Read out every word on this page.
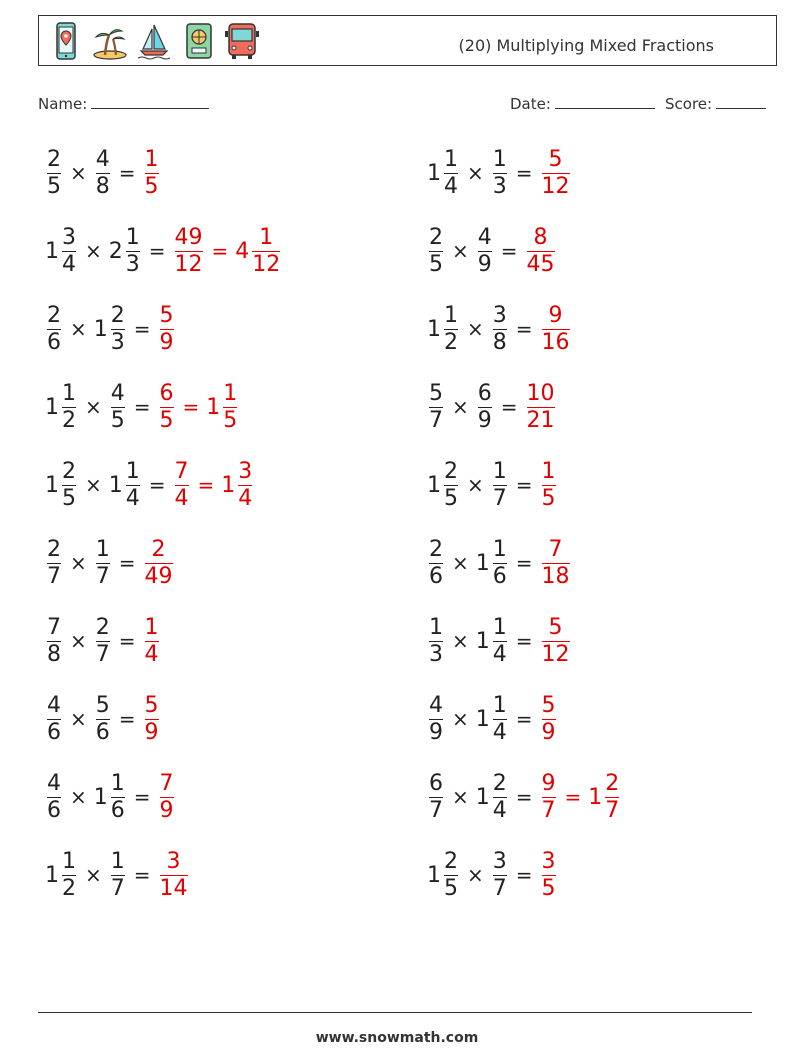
(20) Multiplying Mixed Fractions
Name:	Date:	Score:
$\frac{2}{5} \times \frac{4}{8} = \frac{1}{5}$	$1 \frac{1}{4} \times \frac{1}{3} = \frac{5}{12}$
$1 \frac{3}{4} \times 2 \frac{1}{3} = \frac{49}{12} = 4 \frac{1}{12}$	$\frac{2}{5} \times \frac{4}{9} = \frac{8}{45}$
$\frac{2}{6} \times 1 \frac{2}{3} = \frac{5}{9}$	$1 \frac{1}{2} \times \frac{3}{8} = \frac{9}{16}$
$1 \frac{1}{2} \times \frac{4}{5} = \frac{6}{5} = 1 \frac{1}{5}$	$\frac{5}{7} \times \frac{6}{9} = \frac{10}{21}$
$1 \frac{2}{5} \times 1 \frac{1}{4} = \frac{7}{4} = 1 \frac{3}{4}$	$1 \frac{2}{5} \times \frac{1}{7} = \frac{1}{5}$
$\frac{2}{7} \times \frac{1}{7} = \frac{2}{49}$	$\frac{2}{6} \times 1 \frac{1}{6} = \frac{7}{18}$
$\frac{7}{8} \times \frac{2}{7} = \frac{1}{4}$	$\frac{1}{3} \times 1 \frac{1}{4} = \frac{5}{12}$
$\frac{4}{6} \times \frac{5}{6} = \frac{5}{9}$	$\frac{4}{9} \times 1 \frac{1}{4} = \frac{5}{9}$
$\frac{4}{6} \times 1 \frac{1}{6} = \frac{7}{9}$	$\frac{6}{7} \times 1 \frac{2}{4} = \frac{9}{7} = 1 \frac{2}{7}$
$1 \frac{1}{2} \times \frac{1}{7} = \frac{3}{14}$	$1 \frac{2}{5} \times \frac{3}{7} = \frac{3}{5}$
www.snowmath.com
